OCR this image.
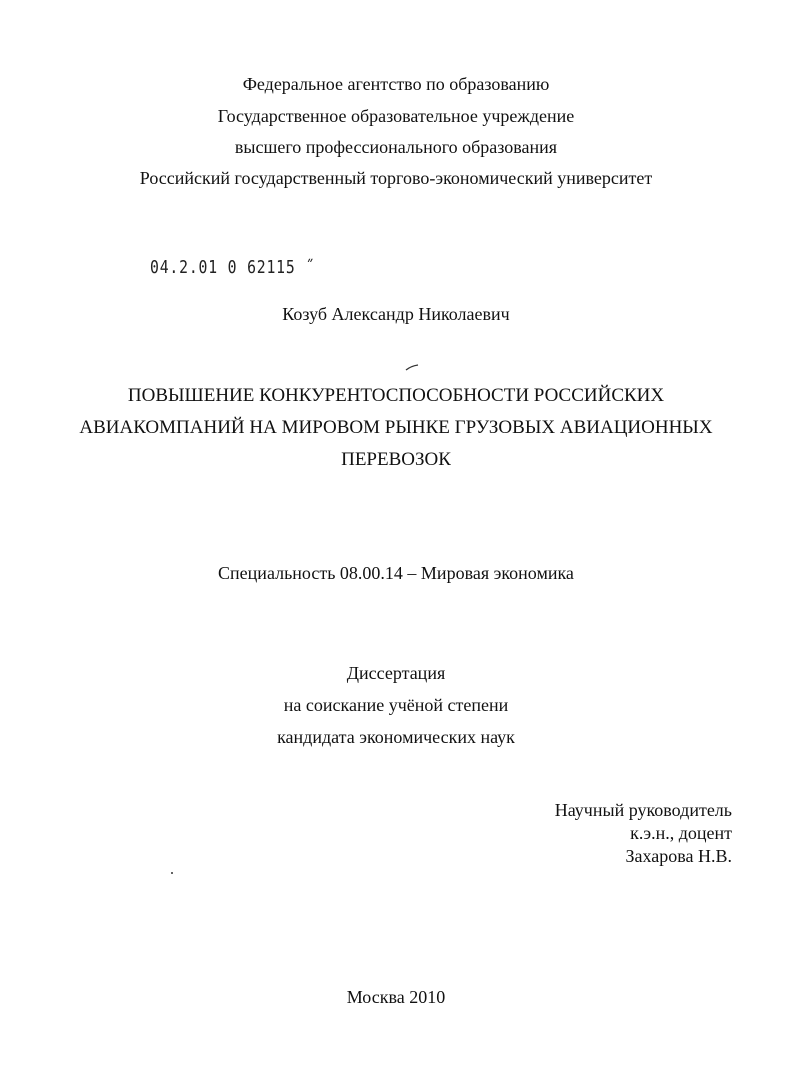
Федеральное агентство по образованию
Государственное образовательное учреждение
высшего профессионального образования
Российский государственный торгово-экономический университет
04.2.01 0 62115 ˝
Козуб Александр Николаевич
ПОВЫШЕНИЕ КОНКУРЕНТОСПОСОБНОСТИ РОССИЙСКИХ
АВИАКОМПАНИЙ НА МИРОВОМ РЫНКЕ ГРУЗОВЫХ АВИАЦИОННЫХ
ПЕРЕВОЗОК
Специальность 08.00.14 – Мировая экономика
Диссертация
на соискание учёной степени
кандидата экономических наук
Научный руководитель
к.э.н., доцент
Захарова Н.В.
Москва 2010
